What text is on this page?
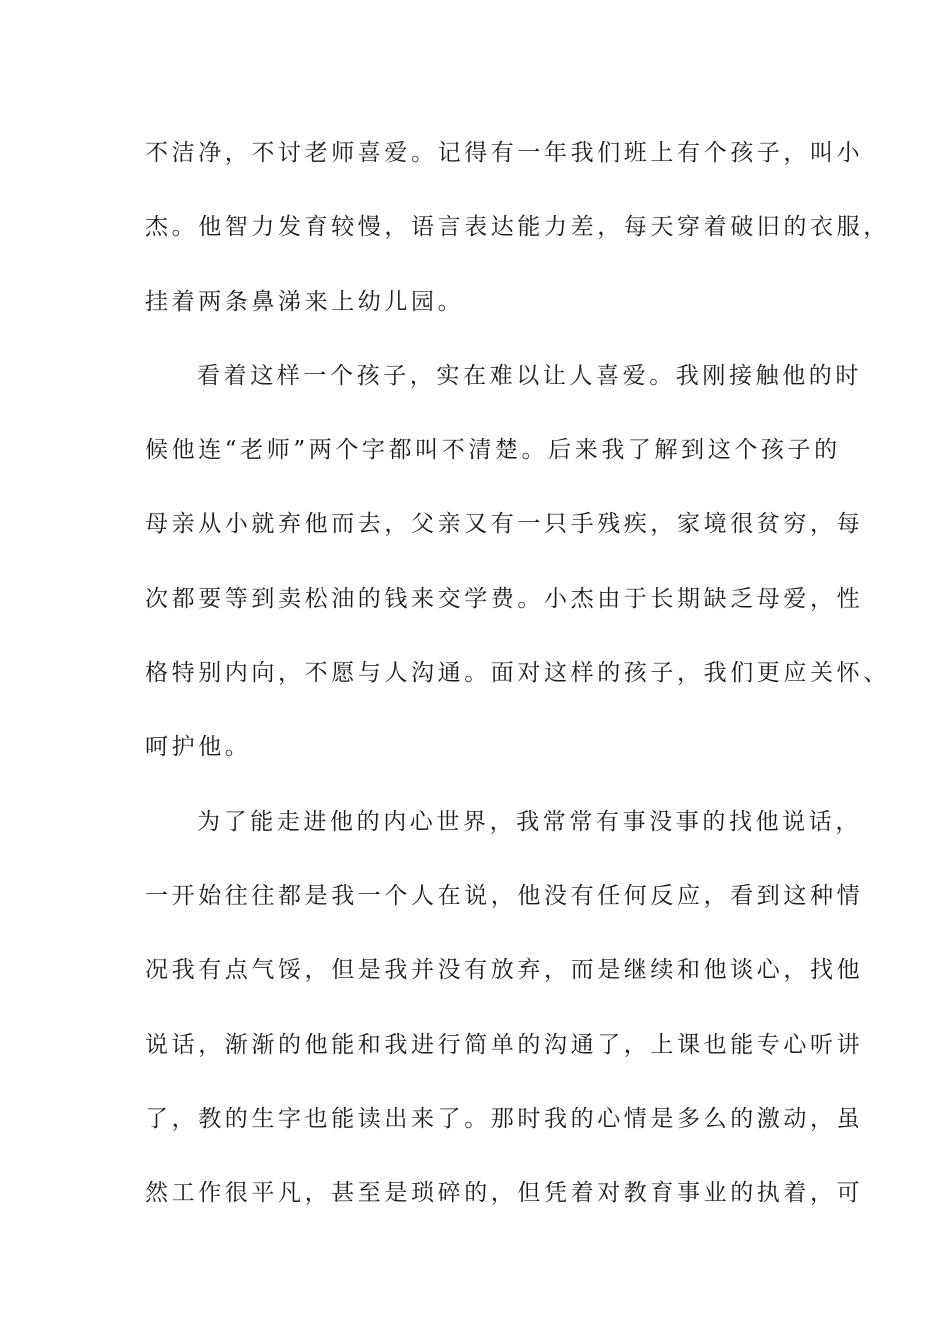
不洁净，不讨老师喜爱。记得有一年我们班上有个孩子，叫小
杰。他智力发育较慢，语言表达能力差，每天穿着破旧的衣服，
挂着两条鼻涕来上幼儿园。
看着这样一个孩子，实在难以让人喜爱。我刚接触他的时
候他连“老师”两个字都叫不清楚。后来我了解到这个孩子的
母亲从小就弃他而去，父亲又有一只手残疾，家境很贫穷，每
次都要等到卖松油的钱来交学费。小杰由于长期缺乏母爱，性
格特别内向，不愿与人沟通。面对这样的孩子，我们更应关怀、
呵护他。
为了能走进他的内心世界，我常常有事没事的找他说话，
一开始往往都是我一个人在说，他没有任何反应，看到这种情
况我有点气馁，但是我并没有放弃，而是继续和他谈心，找他
说话，渐渐的他能和我进行简单的沟通了，上课也能专心听讲
了，教的生字也能读出来了。那时我的心情是多么的激动，虽
然工作很平凡，甚至是琐碎的，但凭着对教育事业的执着，可
